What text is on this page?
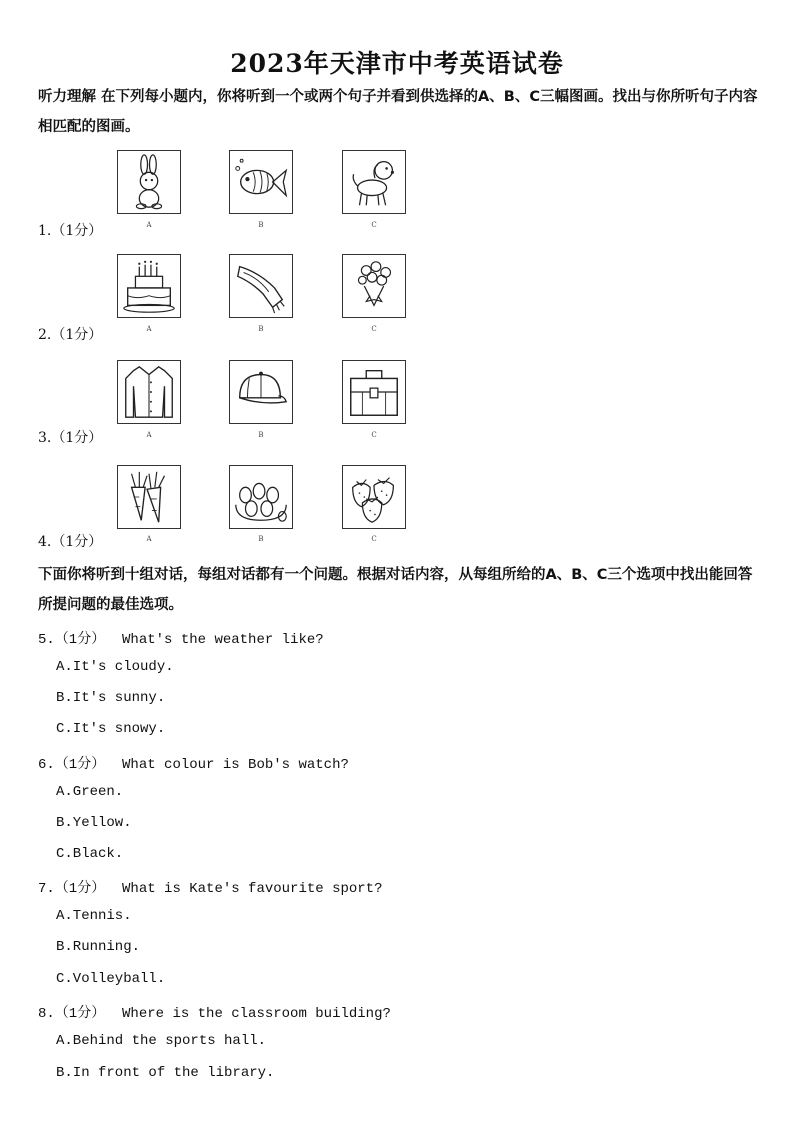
2023年天津市中考英语试卷
听力理解 在下列每小题内，你将听到一个或两个句子并看到供选择的A、B、C三幅图画。找出与你所听句子内容相匹配的图画。
A	B	C
1.（1分）
A	B	C
2.（1分）
A	B	C
3.（1分）
A	B	C
4.（1分）
下面你将听到十组对话，每组对话都有一个问题。根据对话内容，从每组所给的A、B、C三个选项中找出能回答所提问题的最佳选项。
5.（1分） What's the weather like?
A.It's cloudy.
B.It's sunny.
C.It's snowy.
6.（1分） What colour is Bob's watch?
A.Green.
B.Yellow.
C.Black.
7.（1分） What is Kate's favourite sport?
A.Tennis.
B.Running.
C.Volleyball.
8.（1分） Where is the classroom building?
A.Behind the sports hall.
B.In front of the library.
